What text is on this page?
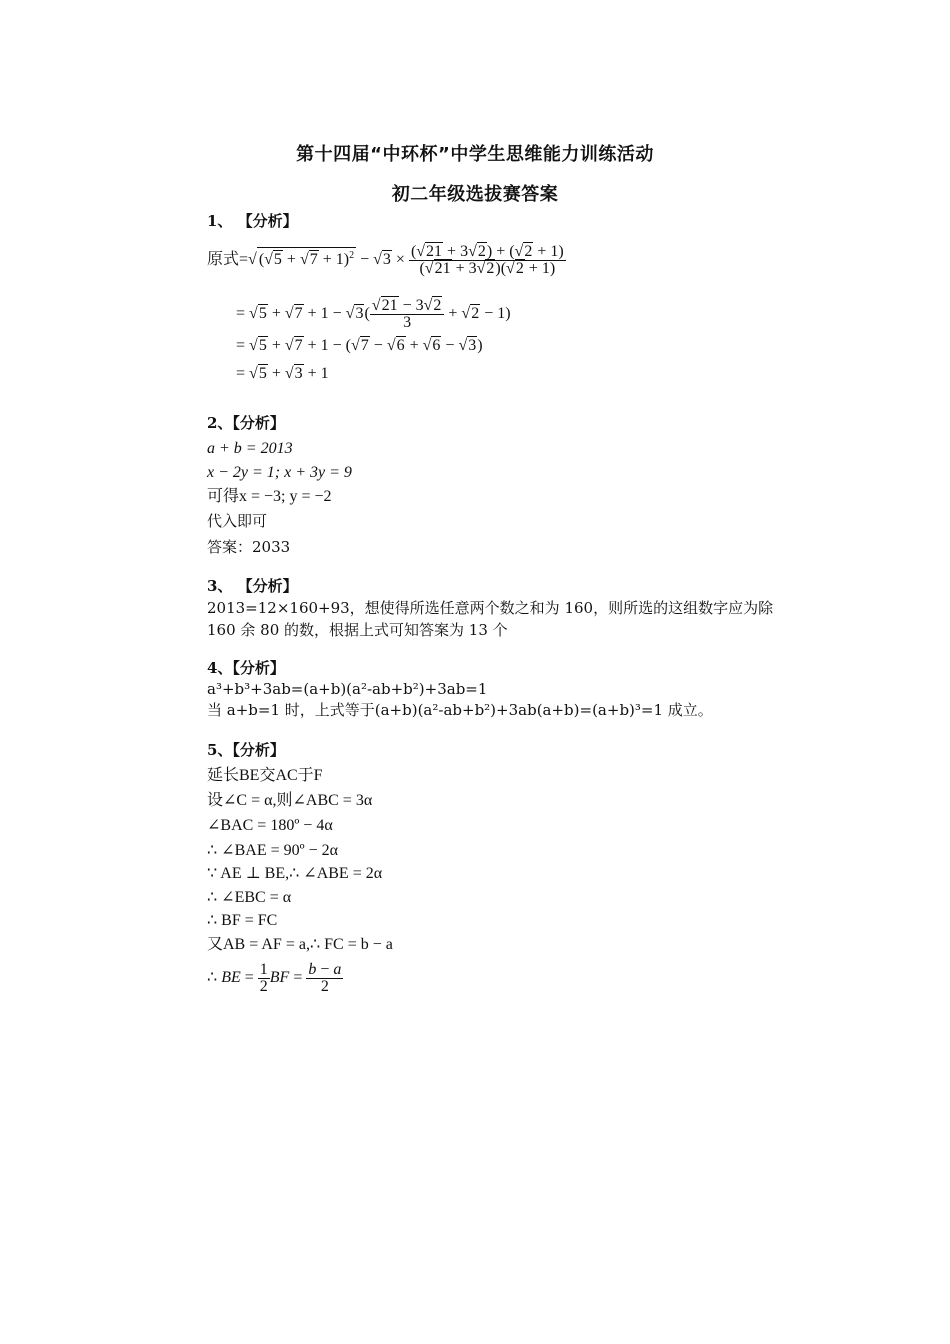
第十四届“中环杯”中学生思维能力训练活动
初二年级选拔赛答案
1、 【分析】
原式=√ $(√5 + √7 + 1)^2 - √3 \times \frac{(√21 + 3√2) + (√2 + 1)}{(√21 + 3√2)(√2 + 1)}$
= $√5 + √7 + 1 - √3( \frac{√21 - 3√2}{3} + √2 - 1)$
= √5 + √7 + 1 − (√7 − √6 + √6 − √3)
= √5 + √3 + 1
2、【分析】
a + b = 2013
x − 2y = 1; x + 3y = 9
可得x = −3; y = −2
代入即可
答案：2033
3、 【分析】
2013=12×160+93，想使得所选任意两个数之和为 160，则所选的这组数字应为除
160 余 80 的数，根据上式可知答案为 13 个
4、【分析】
a³+b³+3ab=(a+b)(a²-ab+b²)+3ab=1
当 a+b=1 时，上式等于(a+b)(a²-ab+b²)+3ab(a+b)=(a+b)³=1 成立。
5、【分析】
延长BE交AC于F
设∠C = α,则∠ABC = 3α
∠BAC = 180º − 4α
∴ ∠BAE = 90º − 2α
∵ AE ⊥ BE,∴ ∠ABE = 2α
∴ ∠EBC = α
∴ BF = FC
又AB = AF = a,∴ FC = b − a
∴ BE = $\frac{1}{2}$ BF = $\frac{b - a}{2}$
